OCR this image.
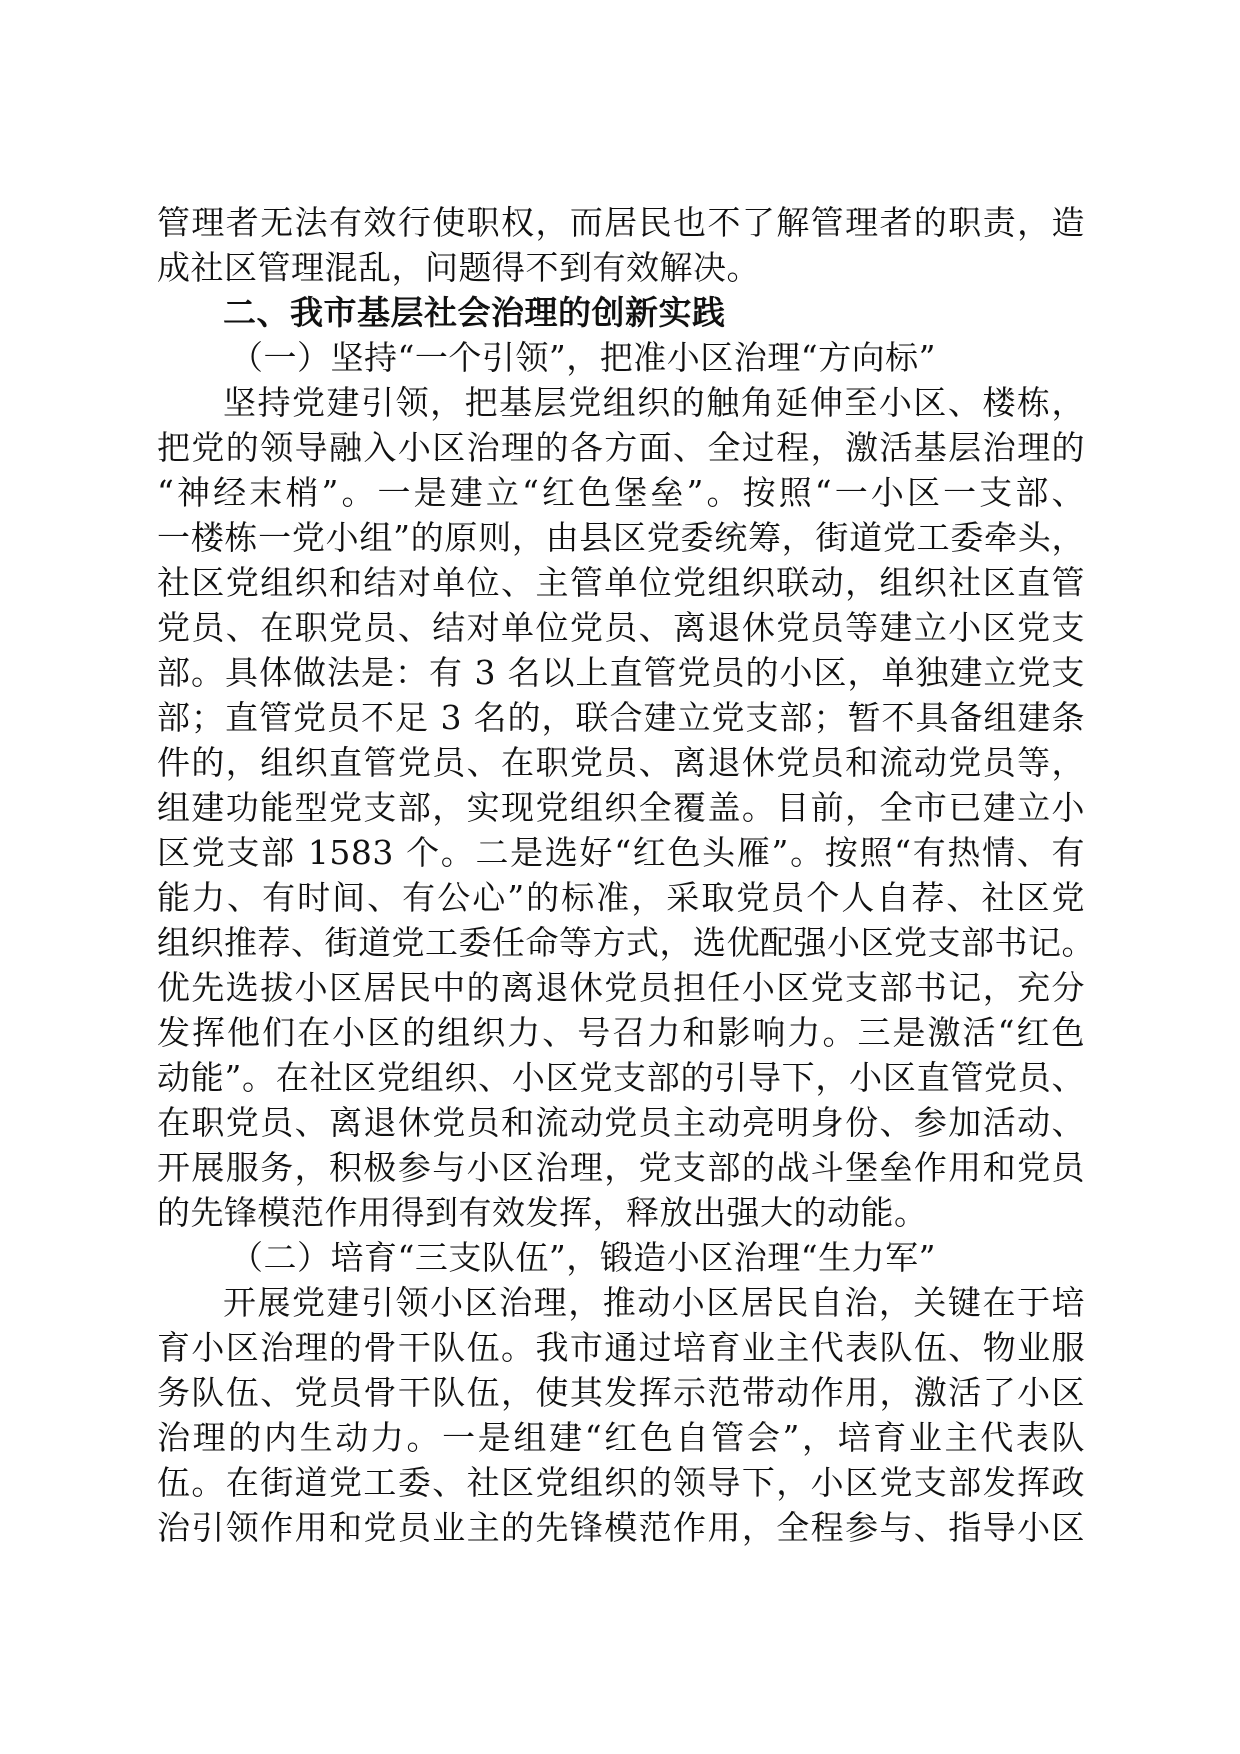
管理者无法有效行使职权，而居民也不了解管理者的职责，造
成社区管理混乱，问题得不到有效解决。
二、我市基层社会治理的创新实践
（一）坚持“一个引领”，把准小区治理“方向标”
坚持党建引领，把基层党组织的触角延伸至小区、楼栋，
把党的领导融入小区治理的各方面、全过程，激活基层治理的
“神经末梢”。一是建立“红色堡垒”。按照“一小区一支部、
一楼栋一党小组”的原则，由县区党委统筹，街道党工委牵头，
社区党组织和结对单位、主管单位党组织联动，组织社区直管
党员、在职党员、结对单位党员、离退休党员等建立小区党支
部。具体做法是：有 3 名以上直管党员的小区，单独建立党支
部；直管党员不足 3 名的，联合建立党支部；暂不具备组建条
件的，组织直管党员、在职党员、离退休党员和流动党员等，
组建功能型党支部，实现党组织全覆盖。目前，全市已建立小
区党支部 1583 个。二是选好“红色头雁”。按照“有热情、有
能力、有时间、有公心”的标准，采取党员个人自荐、社区党
组织推荐、街道党工委任命等方式，选优配强小区党支部书记。
优先选拔小区居民中的离退休党员担任小区党支部书记，充分
发挥他们在小区的组织力、号召力和影响力。三是激活“红色
动能”。在社区党组织、小区党支部的引导下，小区直管党员、
在职党员、离退休党员和流动党员主动亮明身份、参加活动、
开展服务，积极参与小区治理，党支部的战斗堡垒作用和党员
的先锋模范作用得到有效发挥，释放出强大的动能。
（二）培育“三支队伍”，锻造小区治理“生力军”
开展党建引领小区治理，推动小区居民自治，关键在于培
育小区治理的骨干队伍。我市通过培育业主代表队伍、物业服
务队伍、党员骨干队伍，使其发挥示范带动作用，激活了小区
治理的内生动力。一是组建“红色自管会”，培育业主代表队
伍。在街道党工委、社区党组织的领导下，小区党支部发挥政
治引领作用和党员业主的先锋模范作用，全程参与、指导小区
